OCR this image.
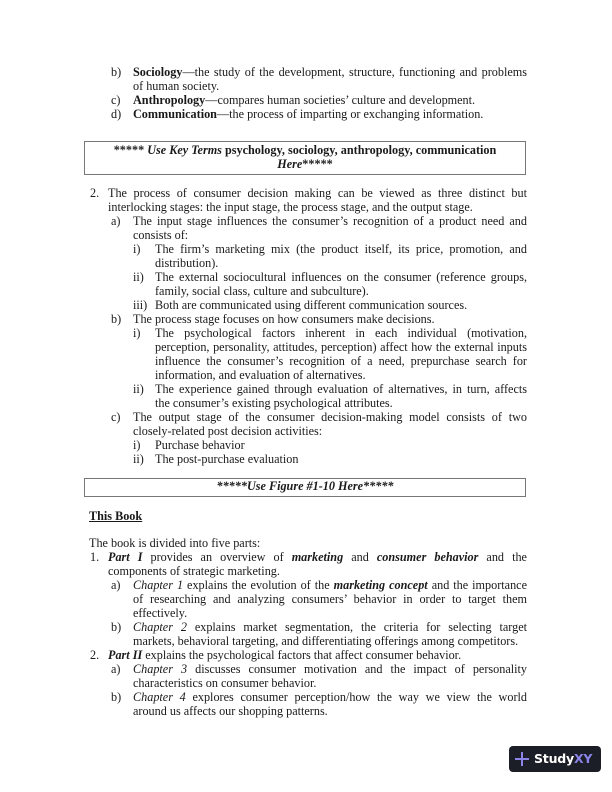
b) Sociology—the study of the development, structure, functioning and problems of human society.
c) Anthropology—compares human societies’ culture and development.
d) Communication—the process of imparting or exchanging information.
***** Use Key Terms psychology, sociology, anthropology, communication
Here*****
2. The process of consumer decision making can be viewed as three distinct but interlocking stages: the input stage, the process stage, and the output stage.
a) The input stage influences the consumer’s recognition of a product need and consists of:
i) The firm’s marketing mix (the product itself, its price, promotion, and distribution).
ii) The external sociocultural influences on the consumer (reference groups, family, social class, culture and subculture).
iii) Both are communicated using different communication sources.
b) The process stage focuses on how consumers make decisions.
i) The psychological factors inherent in each individual (motivation, perception, personality, attitudes, perception) affect how the external inputs influence the consumer’s recognition of a need, prepurchase search for information, and evaluation of alternatives.
ii) The experience gained through evaluation of alternatives, in turn, affects the consumer’s existing psychological attributes.
c) The output stage of the consumer decision-making model consists of two closely-related post decision activities:
i) Purchase behavior
ii) The post-purchase evaluation
*****Use Figure #1-10 Here*****
This Book
The book is divided into five parts:
1. Part I provides an overview of marketing and consumer behavior and the components of strategic marketing.
a) Chapter 1 explains the evolution of the marketing concept and the importance of researching and analyzing consumers’ behavior in order to target them effectively.
b) Chapter 2 explains market segmentation, the criteria for selecting target markets, behavioral targeting, and differentiating offerings among competitors.
2. Part II explains the psychological factors that affect consumer behavior.
a) Chapter 3 discusses consumer motivation and the impact of personality characteristics on consumer behavior.
b) Chapter 4 explores consumer perception/how the way we view the world around us affects our shopping patterns.
StudyXY
